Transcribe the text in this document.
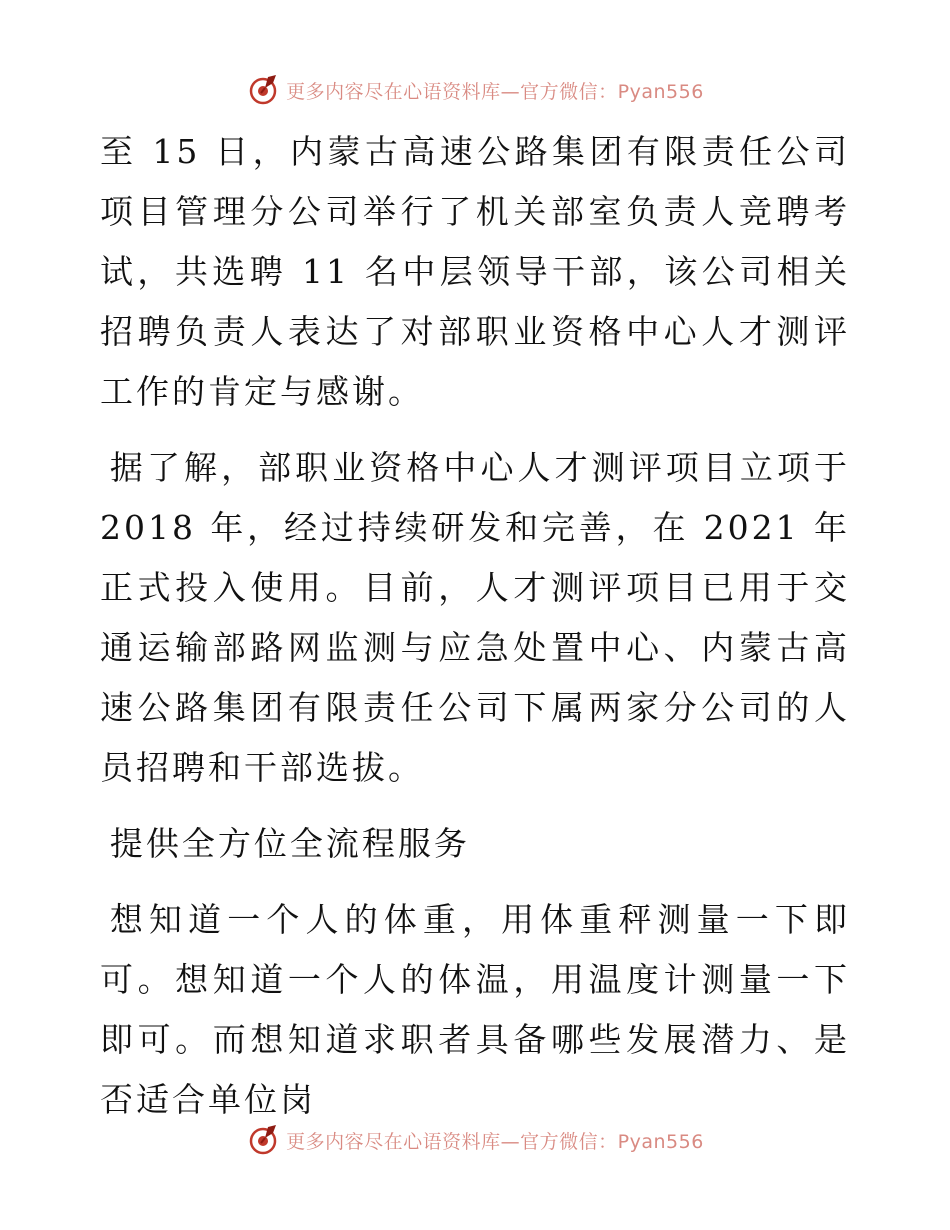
更多内容尽在心语资料库—官方微信：Pyan556

至 15 日，内蒙古高速公路集团有限责任公司项目管理分公司举行了机关部室负责人竞聘考试，共选聘 11 名中层领导干部，该公司相关招聘负责人表达了对部职业资格中心人才测评工作的肯定与感谢。

据了解，部职业资格中心人才测评项目立项于 2018 年，经过持续研发和完善，在 2021 年正式投入使用。目前，人才测评项目已用于交通运输部路网监测与应急处置中心、内蒙古高速公路集团有限责任公司下属两家分公司的人员招聘和干部选拔。

提供全方位全流程服务

想知道一个人的体重，用体重秤测量一下即可。想知道一个人的体温，用温度计测量一下即可。而想知道求职者具备哪些发展潜力、是否适合单位岗

更多内容尽在心语资料库—官方微信：Pyan556
